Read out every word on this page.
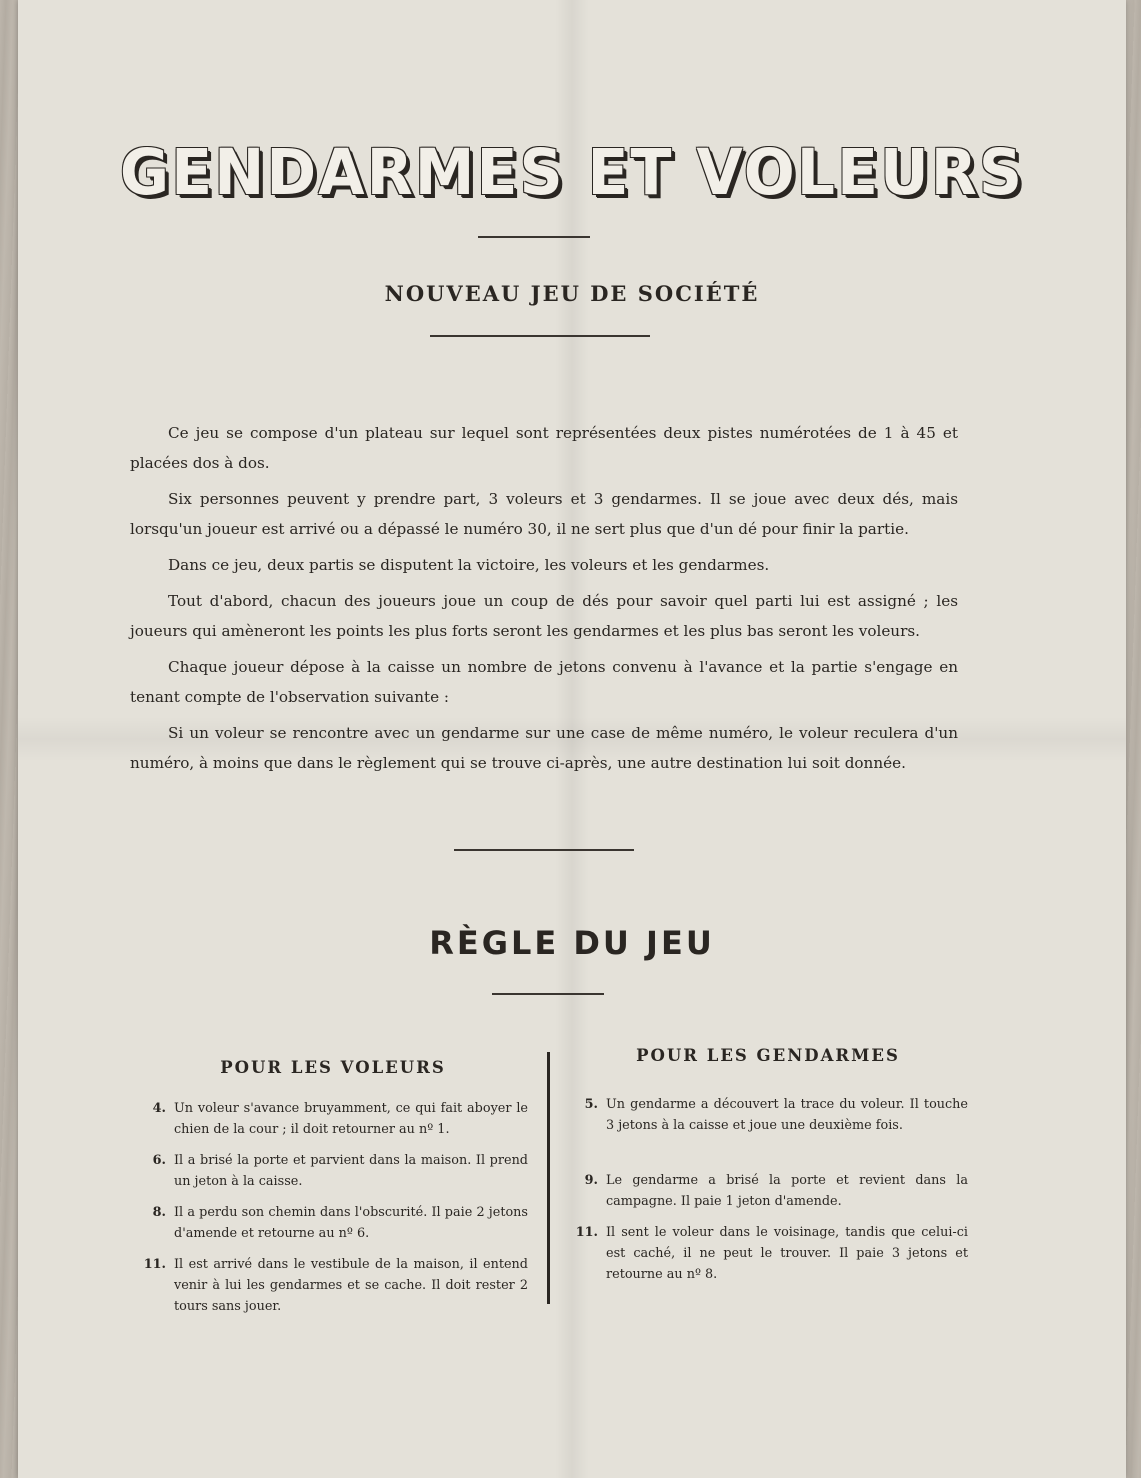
GENDARMES ET VOLEURS
NOUVEAU JEU DE SOCIÉTÉ

Ce jeu se compose d'un plateau sur lequel sont représentées deux pistes numérotées de 1 à 45 et placées dos à dos.

Six personnes peuvent y prendre part, 3 voleurs et 3 gendarmes. Il se joue avec deux dés, mais lorsqu'un joueur est arrivé ou a dépassé le numéro 30, il ne sert plus que d'un dé pour finir la partie.

Dans ce jeu, deux partis se disputent la victoire, les voleurs et les gendarmes.

Tout d'abord, chacun des joueurs joue un coup de dés pour savoir quel parti lui est assigné ; les joueurs qui amèneront les points les plus forts seront les gendarmes et les plus bas seront les voleurs.

Chaque joueur dépose à la caisse un nombre de jetons convenu à l'avance et la partie s'engage en tenant compte de l'observation suivante :

Si un voleur se rencontre avec un gendarme sur une case de même numéro, le voleur reculera d'un numéro, à moins que dans le règlement qui se trouve ci-après, une autre destination lui soit donnée.

RÈGLE DU JEU
POUR LES VOLEURS
POUR LES GENDARMES
4. Un voleur s'avance bruyamment, ce qui fait aboyer le chien de la cour ; il doit retourner au nº 1.
6. Il a brisé la porte et parvient dans la maison. Il prend un jeton à la caisse.
8. Il a perdu son chemin dans l'obscurité. Il paie 2 jetons d'amende et retourne au nº 6.
11. Il est arrivé dans le vestibule de la maison, il entend venir à lui les gendarmes et se cache. Il doit rester 2 tours sans jouer.
5. Un gendarme a découvert la trace du voleur. Il touche 3 jetons à la caisse et joue une deuxième fois.
9. Le gendarme a brisé la porte et revient dans la campagne. Il paie 1 jeton d'amende.
11. Il sent le voleur dans le voisinage, tandis que celui-ci est caché, il ne peut le trouver. Il paie 3 jetons et retourne au nº 8.
